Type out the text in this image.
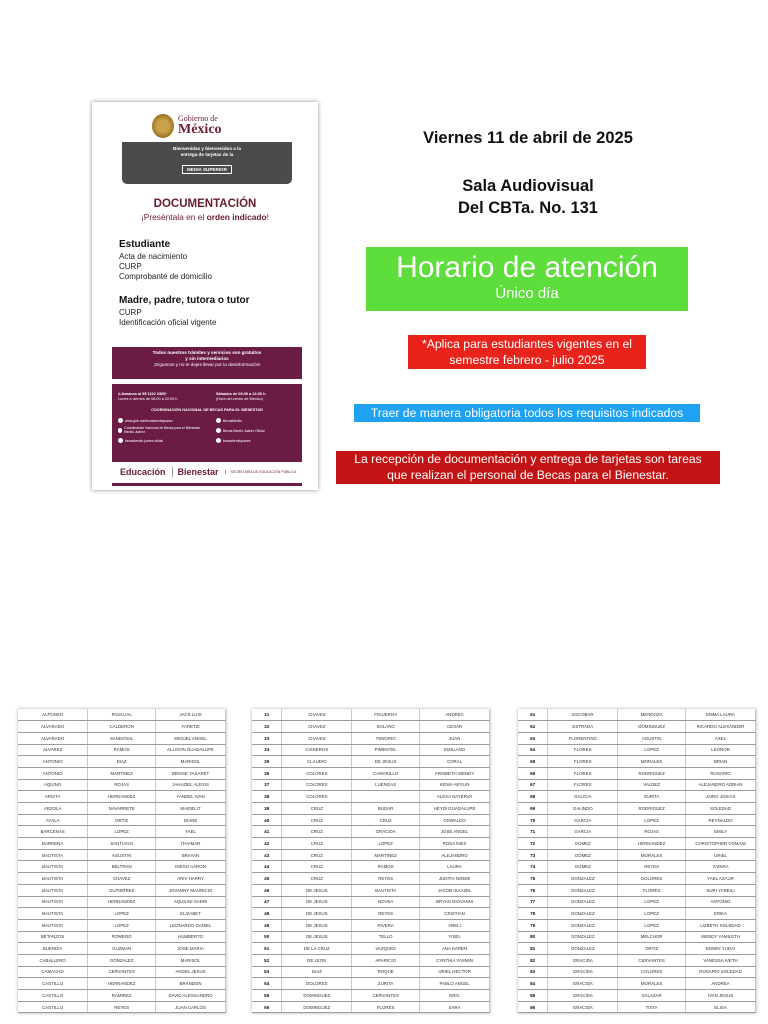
Gobierno de
México
Bienvenidas y bienvenidos a la
entrega de tarjetas de la
MEDIA SUPERIOR
DOCUMENTACIÓN
¡Preséntala en el orden indicado!
Estudiante
Acta de nacimiento
CURP
Comprobante de domicilio
Madre, padre, tutora o tutor
CURP
Identificación oficial vigente
Todos nuestros trámites y servicios son gratuitos
y sin intermediarios
¡Síguenos y no te dejes llevar por la desinformación!
¡Llámanos al 55 1162 0300!
Lunes a viernes de 08:00 a 22:00 h
Sábados de 09:00 a 14:00 h
(Hora del centro de México)
COORDINACIÓN NACIONAL DE BECAS PARA EL BIENESTAR
www.gob.mx/becasbenitojuarez
Coordinación Nacional de Becas para el Bienestar Benito Juárez
becasbenito juarez oficial
BecasBenito
Becas Benito Juárez Oficial
becasbenitojuarez
Educación	Bienestar	SECRETARÍA DE EDUCACIÓN PÚBLICA
Viernes 11 de abril de 2025
Sala Audiovisual
Del CBTa. No. 131
Horario de atención
Único día
*Aplica para estudiantes vigentes en el
semestre febrero - julio 2025
Traer de manera obligatoria todos los requisitos indicados
La recepción de documentación y entrega de tarjetas son tareas
que realizan el personal de Becas para el Bienestar.
ALFONSO	PASCUAL	JACK LUIS
ALVARADO	CALDERON	YARETZI
ALVARADO	SANDOVAL	MIGUEL ANGEL
ALVAREZ	RAMOS	ALLISON GUADALUPE
ANTONIO	DIAZ	MARISOL
ANTONIO	MARTINEZ	BRISSE YASARET
AQUINO	ROJAS	JAHAZIEL ALEXIS
ARISTA	HERNANDEZ	YANDEL IVAN
ARZOLA	NAVARRETE	MAIDELIT
AYALA	ORTIZ	DIANE
BARCENAS	LOPEZ	YAEL
BARRERA	SANTIAGO	ITHAMAR
BAUTISTA	AGUSTIN	BRAYAN
BAUTISTA	BELTRAN	DIEGO AARON
BAUTISTA	CHAVEZ	ARIV HARRY
BAUTISTA	GUTIERREZ	JOVANNY MAURICIO
BAUTISTA	HERNANDEZ	AQUILINI SADRI
BAUTISTA	LOPEZ	ELIZABET
BAUTISTA	LOPEZ	LEONARDO DANIEL
BETANZOS	ROMERO	HUMBERTO
BUENDIA	GUZMAN	JOSE MARIA
CABALLERO	GONZALEZ	MARISOL
CAMACHO	CERVANTES	ANGEL JESUS
CASTILLO	HERNANDEZ	BRANDON
CASTILLO	RAMIREZ	DAVID ALESSANDRO
CASTILLO	REYES	JUAN CARLOS
31	CHAVEZ	FIGUEROA	ANDREA
32	CHAVEZ	SOLANO	CESAR
33	CHAVEZ	TENORIO	JUAN
34	CISNEROS	PIMENTEL	EMILIANO
35	CLAUDIO	DE JESUS	CORAL
36	COLORES	CAMARILLO	ARISBETH WENDY
37	COLORES	LUENGAS	KENIA ARYLIN
38	COLORES		ALEXA NAYERVA
39	CRUZ	BUDAR	HEYDI GUADALUPE
40	CRUZ	CRUZ	OSWALDO
41	CRUZ	GRACIDA	JOSE ANGEL
42	CRUZ	LOPEZ	ROSA INES
43	CRUZ	MARTINEZ	ALEJANDRO
44	CRUZ	RAMOS	LAURA
45	CRUZ	REYES	JUDITH NOEMI
46	DE JESUS	BAUTISTA	JACOB ISAAZEL
47	DE JESUS	NOVEA	BRYAN GIOVANNI
48	DE JESUS	REYES	CRISTIAN
49	DE JESUS	RIVERA	ARELI
50	DE JESUS	TELLO	YISEL
51	DE LA CRUZ	VAZQUEZ	ANA KAREN
52	DE LEON	APARICIO	CYNTHIA YASMIN
53	DIAZ	ROQUE	URIEL HECTOR
54	DOLORES	ZURITA	PABLO ANGEL
55	DOMINGUEZ	CERVANTES	ERIC
56	DOMINGUEZ	FLORES	SARA
61	ESCOBAR	MENDOZA	EMMA LAURA
62	ESTRADA	DOMINGUEZ	RICARDO ALEXANDER
63	FLORENTINO	AGUSTIN	AXEL
64	FLORES	LOPEZ	LEONOR
65	FLORES	MORALES	BRIAN
66	FLORES	RODRIGUEZ	ROSARIO
67	FLORES	VALDEZ	ALEJANDRO ADRIAN
68	GALICIA	ZURITA	JAIRO JOSIAS
69	GALINDO	RODRIGUEZ	SOLEDAD
70	GARCIA	LOPEZ	REYNALDO
71	GARCIA	ROJAS	EMILY
72	GOMEZ	HERNANDEZ	CHRISTOPHER OSMANI
73	GOMEZ	MORALES	URIEL
74	GOMEZ	REYES	YADIRA
75	GONZALEZ	DOLORES	YAEL AZAUR
76	GONZALEZ	FLORES	SURI YAREILI
77	GONZALEZ	LOPEZ	ANTONIO
78	GONZALEZ	LOPEZ	ERIKA
79	GONZALEZ	LOPEZ	LIZBETH SOLEDAD
80	GONZALEZ	MELCHOR	WENDY YAMILETH
81	GONZALEZ	ORTIZ	EDWIN YUDAI
82	GRACIDA	CERVANTES	VANESSA IVETH
83	GRACIDA	COLORES	ROSARIO SOLEDAD
84	GRACIDA	MORALES	ANDREA
85	GRACIDA	SALAZAR	IVAN JESUS
86	GRACIDA	TIXTA	ELISA
